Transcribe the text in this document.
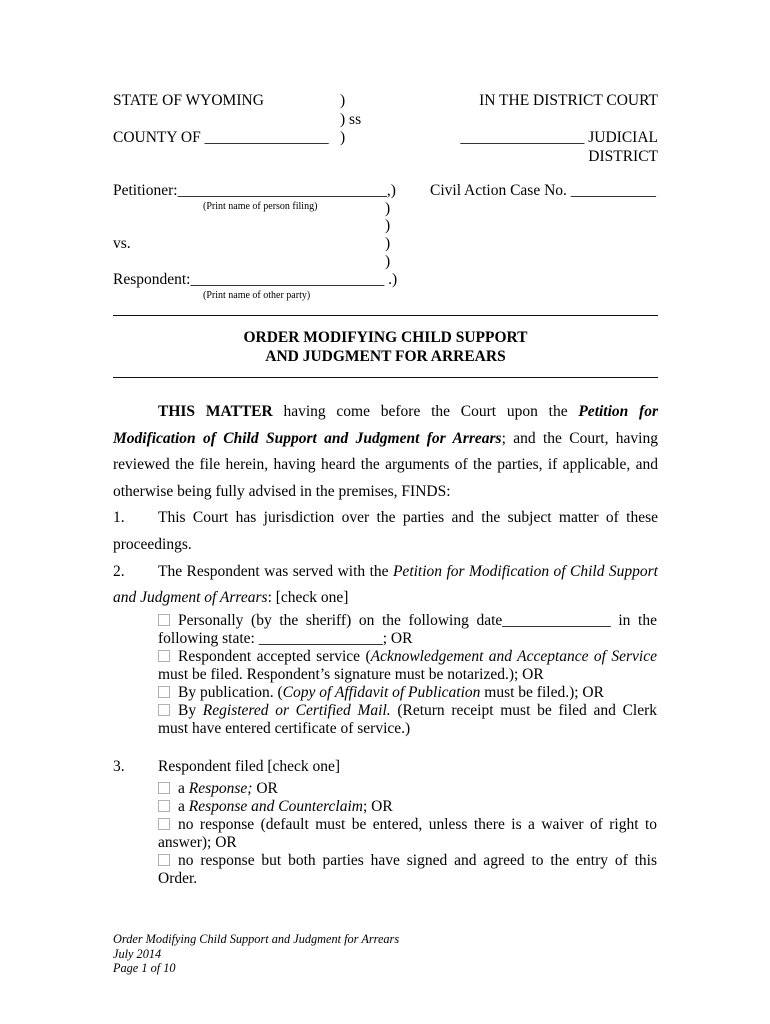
STATE OF WYOMING	)	IN THE DISTRICT COURT
) ss
COUNTY OF ________________ )	________________ JUDICIAL DISTRICT
Petitioner:___________________________,) Civil Action Case No. ___________
(Print name of person filing)	)
)
vs.	)
)
Respondent:_________________________ .)
(Print name of other party)
ORDER MODIFYING CHILD SUPPORT
AND JUDGMENT FOR ARREARS

THIS MATTER having come before the Court upon the Petition for Modification of Child Support and Judgment for Arrears; and the Court, having reviewed the file herein, having heard the arguments of the parties, if applicable, and otherwise being fully advised in the premises, FINDS:

1. This Court has jurisdiction over the parties and the subject matter of these proceedings.

2. The Respondent was served with the Petition for Modification of Child Support and Judgment of Arrears: [check one]

Personally (by the sheriff) on the following date______________ in the following state: ________________; OR
Respondent accepted service (Acknowledgement and Acceptance of Service must be filed. Respondent’s signature must be notarized.); OR
By publication. (Copy of Affidavit of Publication must be filed.); OR
By Registered or Certified Mail. (Return receipt must be filed and Clerk must have entered certificate of service.)

3. Respondent filed [check one]

a Response; OR
a Response and Counterclaim; OR
no response (default must be entered, unless there is a waiver of right to answer); OR
no response but both parties have signed and agreed to the entry of this Order.
Order Modifying Child Support and Judgment for Arrears
July 2014
Page 1 of 10
